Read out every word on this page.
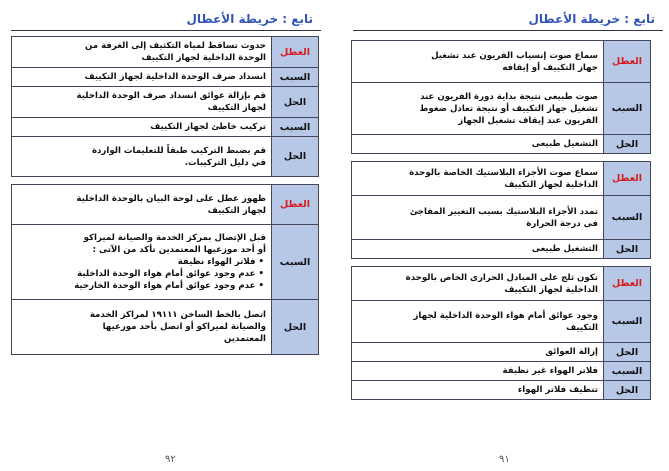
تابع : خريطة الأعطال
العطل	حدوث تساقط لمياه التكثيف إلى الغرفة من
الوحدة الداخلية لجهاز التكييف

السبب	انسداد صرف الوحدة الداخلية لجهاز التكييف

الحل	قم بإزالة عوائق انسداد صرف الوحدة الداخلية
لجهاز التكييف

السبب	تركيب خاطئ لجهاز التكييف

الحل	قم بضبط التركيب طبقاً للتعليمات الواردة
في دليل التركيبات.
العطل	ظهور عطل على لوحة البيان بالوحدة الداخلية
لجهاز التكييف

السبب	قبل الإتصال بمركز الخدمة والصيانة لميراكو
أو أحد موزعيها المعتمدين تأكد من الآتى :
• فلاتر الهواء نظيفة
• عدم وجود عوائق أمام هواء الوحدة الداخلية
• عدم وجود عوائق أمام هواء الوحدة الخارجية

الحل	اتصل بالخط الساخن ١٩١١١ لمراكز الخدمة
والصيانة لميراكو أو اتصل بأحد موزعيها
المعتمدين
٩٢
تابع : خريطة الأعطال
العطل	سماع صوت إنسياب الفريون عند تشغيل
جهاز التكييف أو إيقافه

السبب	صوت طبيعى نتيجة بداية دورة الفريون عند
تشغيل جهاز التكييف أو نتيجة تعادل ضغوط
الفريون عند إيقاف تشغيل الجهاز

الحل	التشغيل طبيعى
العطل	سماع صوت الأجزاء البلاستيك الخاصة بالوحدة
الداخلية لجهاز التكييف

السبب	تمدد الأجزاء البلاستيك بسبب التغيير المفاجئ
فى درجة الحرارة

الحل	التشغيل طبيعى
العطل	تكون ثلج على المبادل الحرارى الخاص بالوحدة
الداخلية لجهاز التكييف

السبب	وجود عوائق أمام هواء الوحدة الداخلية لجهاز
التكييف

الحل	إزالة العوائق

السبب	فلاتر الهواء غير نظيفة

الحل	تنظيف فلاتر الهواء
٩١
